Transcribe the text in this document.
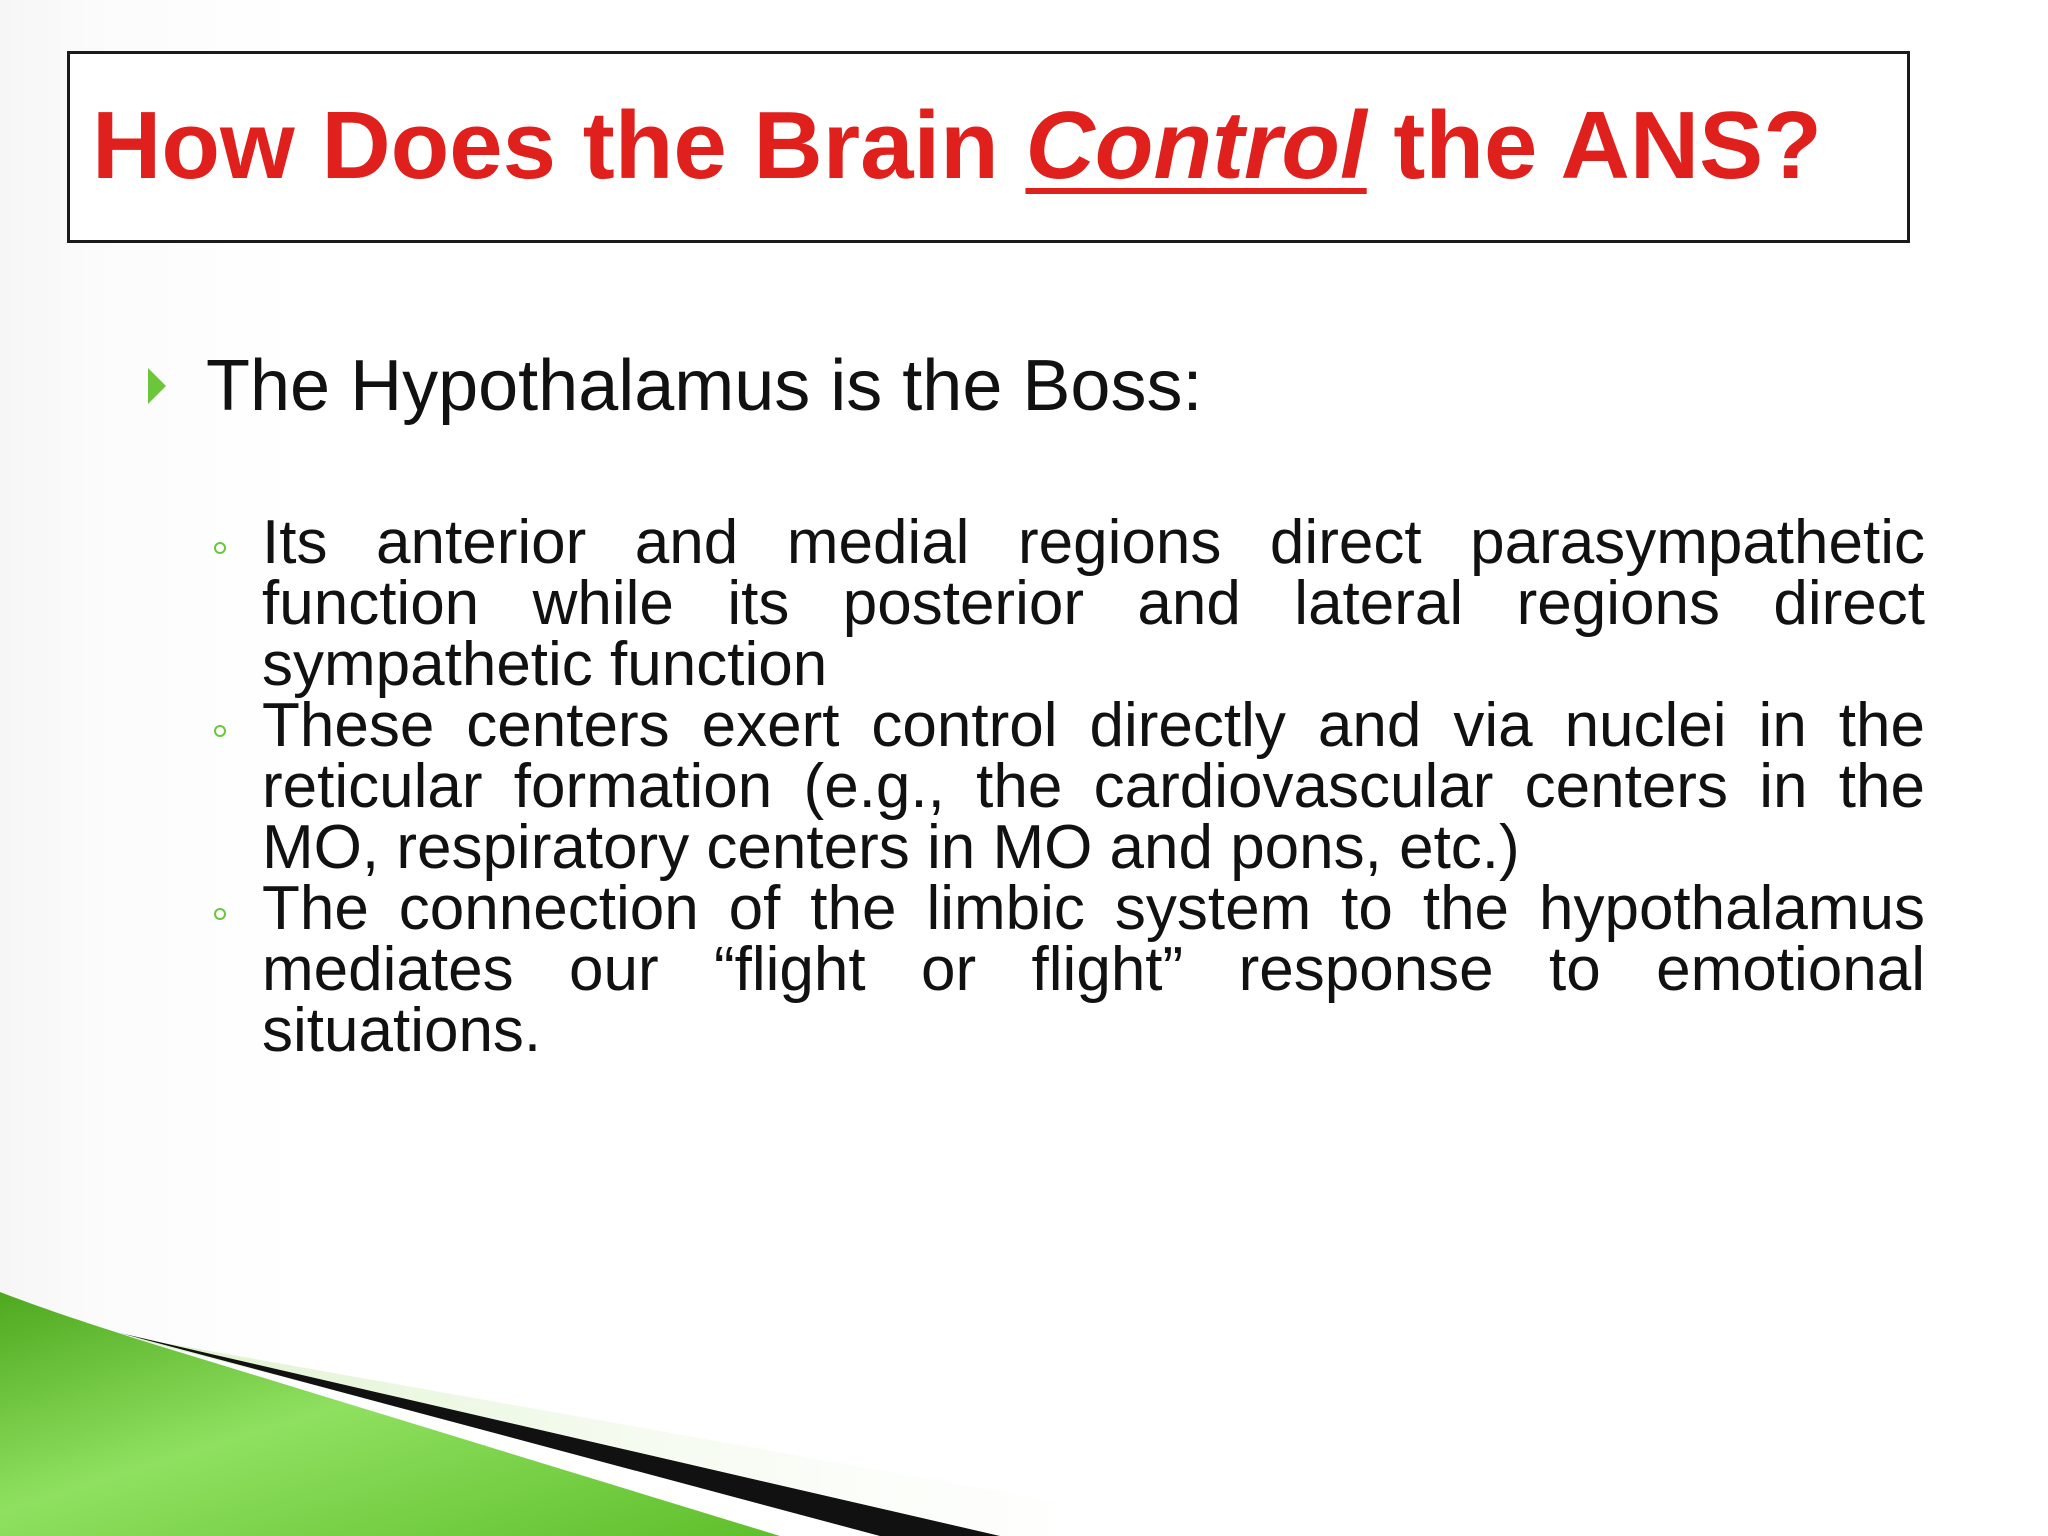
How Does the Brain Control the ANS?
The Hypothalamus is the Boss:
Its anterior and medial regions direct parasympathetic function while its posterior and lateral regions direct sympathetic function
These centers exert control directly and via nuclei in the reticular formation (e.g., the cardiovascular centers in the MO, respiratory centers in MO and pons, etc.)
The connection of the limbic system to the hypothalamus mediates our “flight or flight” response to emotional situations.
